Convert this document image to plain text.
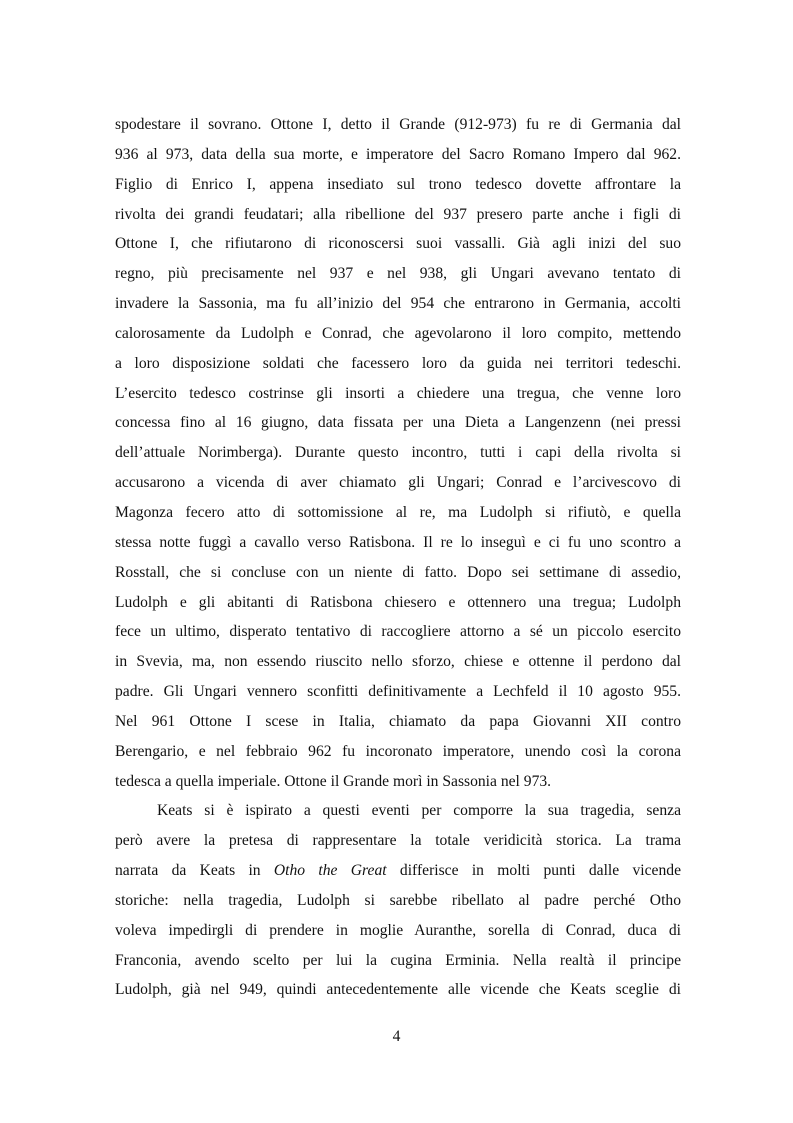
spodestare il sovrano. Ottone I, detto il Grande (912-973) fu re di Germania dal
936 al 973, data della sua morte, e imperatore del Sacro Romano Impero dal 962.
Figlio di Enrico I, appena insediato sul trono tedesco dovette affrontare la
rivolta dei grandi feudatari; alla ribellione del 937 presero parte anche i figli di
Ottone I, che rifiutarono di riconoscersi suoi vassalli. Già agli inizi del suo
regno, più precisamente nel 937 e nel 938, gli Ungari avevano tentato di
invadere la Sassonia, ma fu all’inizio del 954 che entrarono in Germania, accolti
calorosamente da Ludolph e Conrad, che agevolarono il loro compito, mettendo
a loro disposizione soldati che facessero loro da guida nei territori tedeschi.
L’esercito tedesco costrinse gli insorti a chiedere una tregua, che venne loro
concessa fino al 16 giugno, data fissata per una Dieta a Langenzenn (nei pressi
dell’attuale Norimberga). Durante questo incontro, tutti i capi della rivolta si
accusarono a vicenda di aver chiamato gli Ungari; Conrad e l’arcivescovo di
Magonza fecero atto di sottomissione al re, ma Ludolph si rifiutò, e quella
stessa notte fuggì a cavallo verso Ratisbona. Il re lo inseguì e ci fu uno scontro a
Rosstall, che si concluse con un niente di fatto. Dopo sei settimane di assedio,
Ludolph e gli abitanti di Ratisbona chiesero e ottennero una tregua; Ludolph
fece un ultimo, disperato tentativo di raccogliere attorno a sé un piccolo esercito
in Svevia, ma, non essendo riuscito nello sforzo, chiese e ottenne il perdono dal
padre. Gli Ungari vennero sconfitti definitivamente a Lechfeld il 10 agosto 955.
Nel 961 Ottone I scese in Italia, chiamato da papa Giovanni XII contro
Berengario, e nel febbraio 962 fu incoronato imperatore, unendo così la corona
tedesca a quella imperiale. Ottone il Grande morì in Sassonia nel 973.
Keats si è ispirato a questi eventi per comporre la sua tragedia, senza
però avere la pretesa di rappresentare la totale veridicità storica. La trama
narrata da Keats in Otho the Great differisce in molti punti dalle vicende
storiche: nella tragedia, Ludolph si sarebbe ribellato al padre perché Otho
voleva impedirgli di prendere in moglie Auranthe, sorella di Conrad, duca di
Franconia, avendo scelto per lui la cugina Erminia. Nella realtà il principe
Ludolph, già nel 949, quindi antecedentemente alle vicende che Keats sceglie di
4
